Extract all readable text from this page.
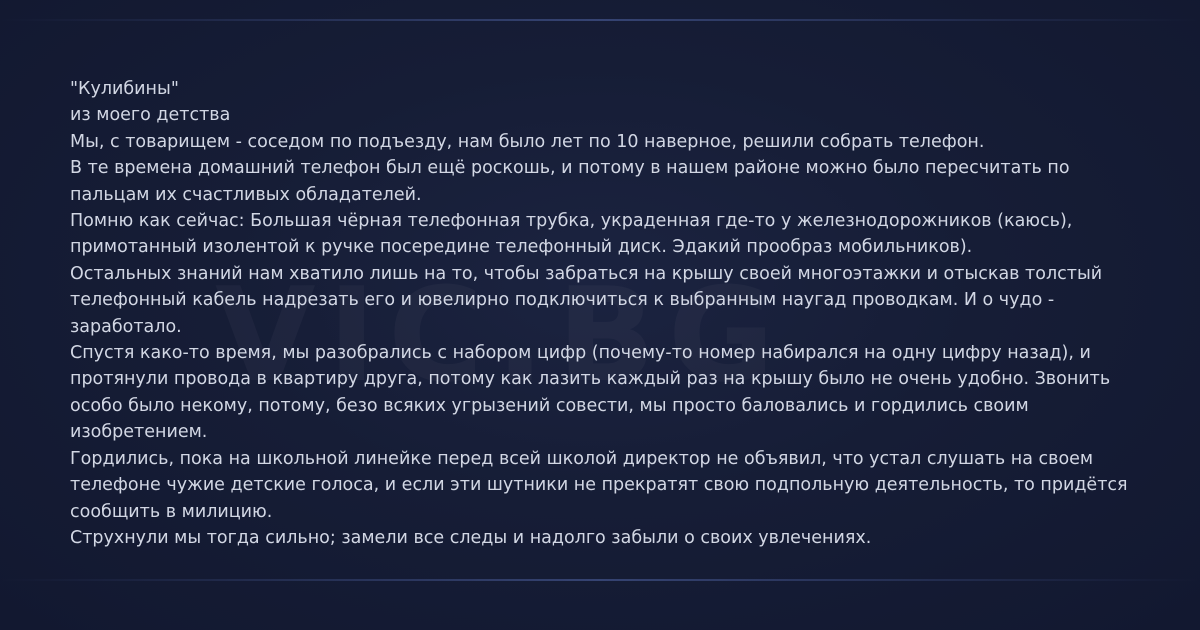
"Кулибины"
из моего детства
Мы, с товарищем - соседом по подъезду, нам было лет по 10 наверное, решили собрать телефон.
В те времена домашний телефон был ещё роскошь, и потому в нашем районе можно было пересчитать по
пальцам их счастливых обладателей.
Помню как сейчас: Большая чёрная телефонная трубка, украденная где-то у железнодорожников (каюсь),
примотанный изолентой к ручке посередине телефонный диск. Эдакий прообраз мобильников).
Остальных знаний нам хватило лишь на то, чтобы забраться на крышу своей многоэтажки и отыскав толстый
телефонный кабель надрезать его и ювелирно подключиться к выбранным наугад проводкам. И о чудо -
заработало.
Спустя како-то время, мы разобрались с набором цифр (почему-то номер набирался на одну цифру назад), и
протянули провода в квартиру друга, потому как лазить каждый раз на крышу было не очень удобно. Звонить
особо было некому, потому, безо всяких угрызений совести, мы просто баловались и гордились своим
изобретением.
Гордились, пока на школьной линейке перед всей школой директор не объявил, что устал слушать на своем
телефоне чужие детские голоса, и если эти шутники не прекратят свою подпольную деятельность, то придётся
сообщить в милицию.
Струхнули мы тогда сильно; замели все следы и надолго забыли о своих увлечениях.
